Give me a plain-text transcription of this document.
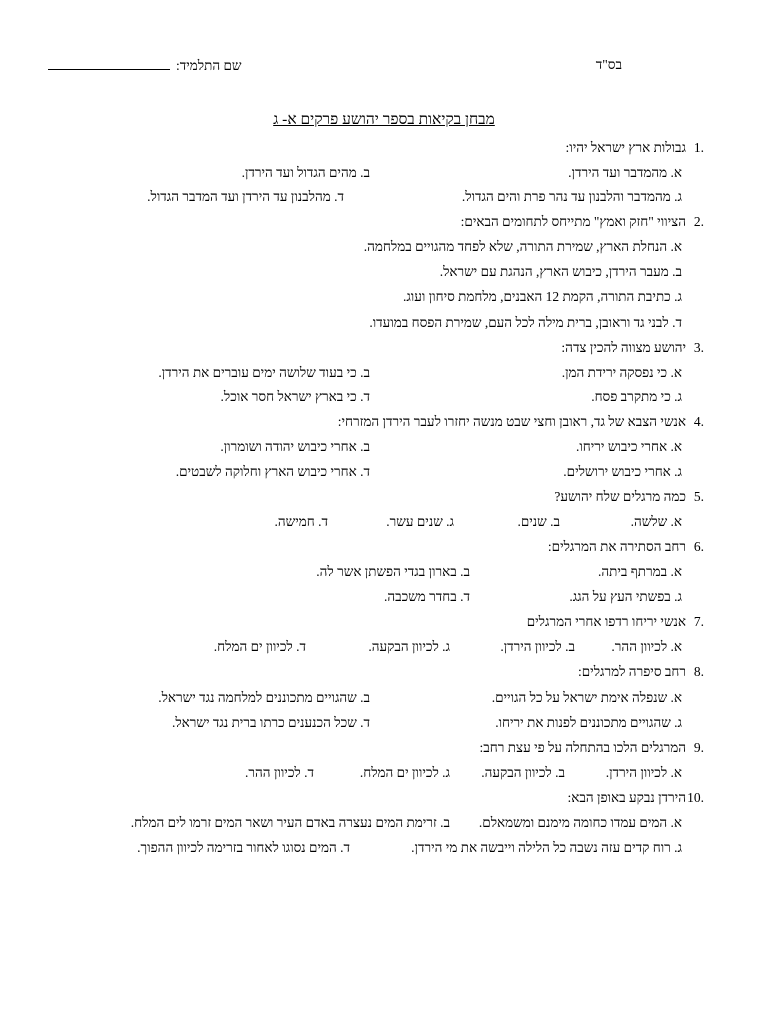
בס"ד
שם התלמיד:
מבחן בקיאות בספר יהושע פרקים א- ג
1.
גבולות ארץ ישראל יהיו:
א. מהמדבר ועד הירדן.
ב. מהים הגדול ועד הירדן.
ג. מהמדבר והלבנון עד נהר פרת והים הגדול.
ד. מהלבנון עד הירדן ועד המדבר הגדול.
2.
הציווי "חזק ואמץ" מתייחס לתחומים הבאים:
א. הנחלת הארץ, שמירת התורה, שלא לפחד מהגויים במלחמה.
ב. מעבר הירדן, כיבוש הארץ, הנהגת עם ישראל.
ג. כתיבת התורה, הקמת 12 האבנים, מלחמת סיחון ועוג.
ד. לבני גד וראובן, ברית מילה לכל העם, שמירת הפסח במועדו.
3.
יהושע מצווה להכין צדה:
א. כי נפסקה ירידת המן.
ב. כי בעוד שלושה ימים עוברים את הירדן.
ג. כי מתקרב פסח.
ד. כי בארץ ישראל חסר אוכל.
4.
אנשי הצבא של גד, ראובן וחצי שבט מנשה יחזרו לעבר הירדן המזרחי:
א. אחרי כיבוש יריחו.
ב. אחרי כיבוש יהודה ושומרון.
ג. אחרי כיבוש ירושלים.
ד. אחרי כיבוש הארץ וחלוקה לשבטים.
5.
כמה מרגלים שלח יהושע?
א. שלשה.
ב. שנים.
ג. שנים עשר.
ד. חמישה.
6.
רחב הסתירה את המרגלים:
א. במרתף ביתה.
ב. בארון בגדי הפשתן אשר לה.
ג. בפשתי העץ על הגג.
ד. בחדר משכבה.
7.
אנשי יריחו רדפו אחרי המרגלים
א. לכיוון ההר.
ב. לכיוון הירדן.
ג. לכיוון הבקעה.
ד. לכיוון ים המלח.
8.
רחב סיפרה למרגלים:
א. שנפלה אימת ישראל על כל הגויים.
ב. שהגויים מתכוננים למלחמה נגד ישראל.
ג. שהגויים מתכוננים לפנות את יריחו.
ד. שכל הכנענים כרתו ברית נגד ישראל.
9.
המרגלים הלכו בהתחלה על פי עצת רחב:
א. לכיוון הירדן.
ב. לכיוון הבקעה.
ג. לכיוון ים המלח.
ד. לכיוון ההר.
10.
הירדן נבקע באופן הבא:
א. המים עמדו כחומה מימנם ומשמאלם.
ב. זרימת המים נעצרה באדם העיר ושאר המים זרמו לים המלח.
ג. רוח קדים עזה נשבה כל הלילה וייבשה את מי הירדן.
ד. המים נסוגו לאחור בזרימה לכיוון ההפוך.
